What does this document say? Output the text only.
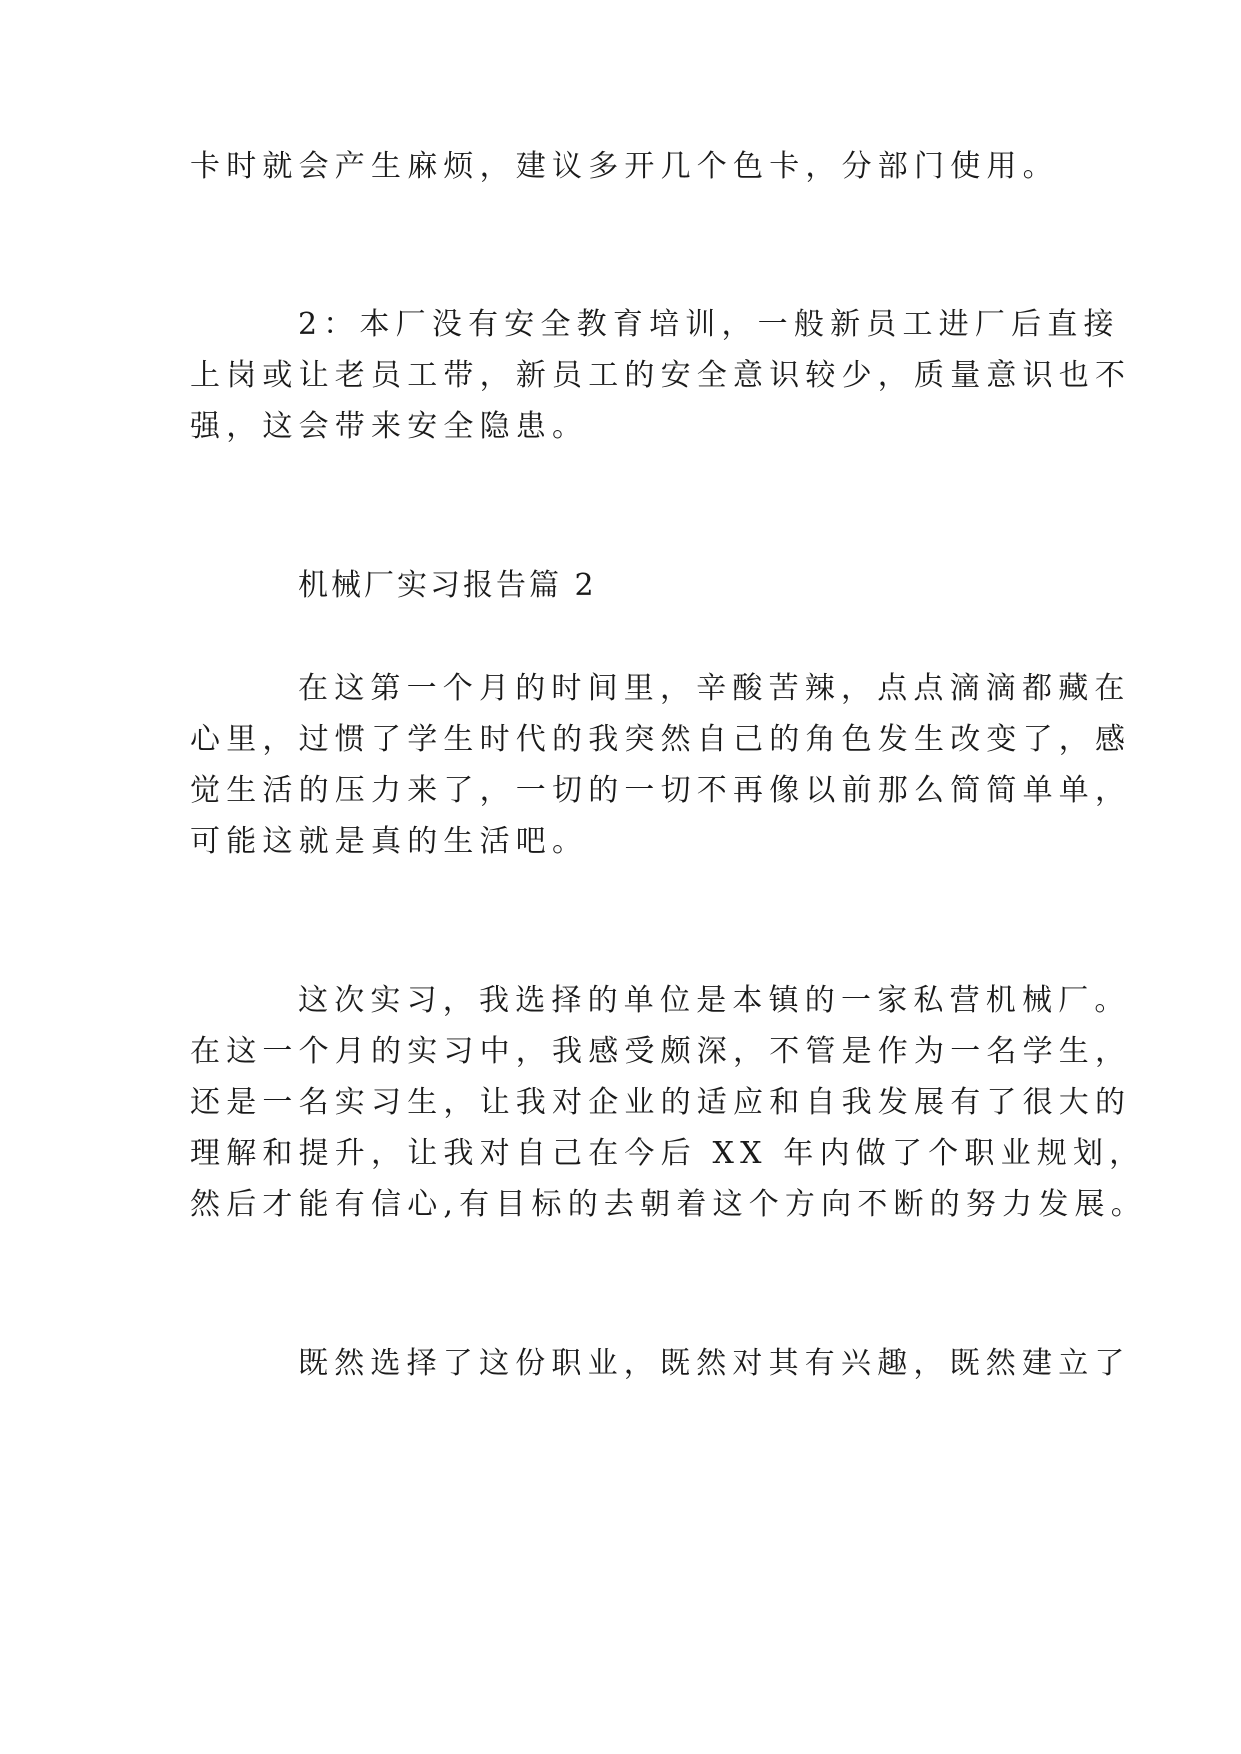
卡时就会产生麻烦，建议多开几个色卡，分部门使用。
2：本厂没有安全教育培训，一般新员工进厂后直接
上岗或让老员工带，新员工的安全意识较少，质量意识也不
强，这会带来安全隐患。
机械厂实习报告篇 2
在这第一个月的时间里，辛酸苦辣，点点滴滴都藏在
心里，过惯了学生时代的我突然自己的角色发生改变了，感
觉生活的压力来了，一切的一切不再像以前那么简简单单，
可能这就是真的生活吧。
这次实习，我选择的单位是本镇的一家私营机械厂。
在这一个月的实习中，我感受颇深，不管是作为一名学生，
还是一名实习生，让我对企业的适应和自我发展有了很大的
理解和提升，让我对自己在今后 XX 年内做了个职业规划，
然后才能有信心,有目标的去朝着这个方向不断的努力发展。
既然选择了这份职业，既然对其有兴趣，既然建立了
